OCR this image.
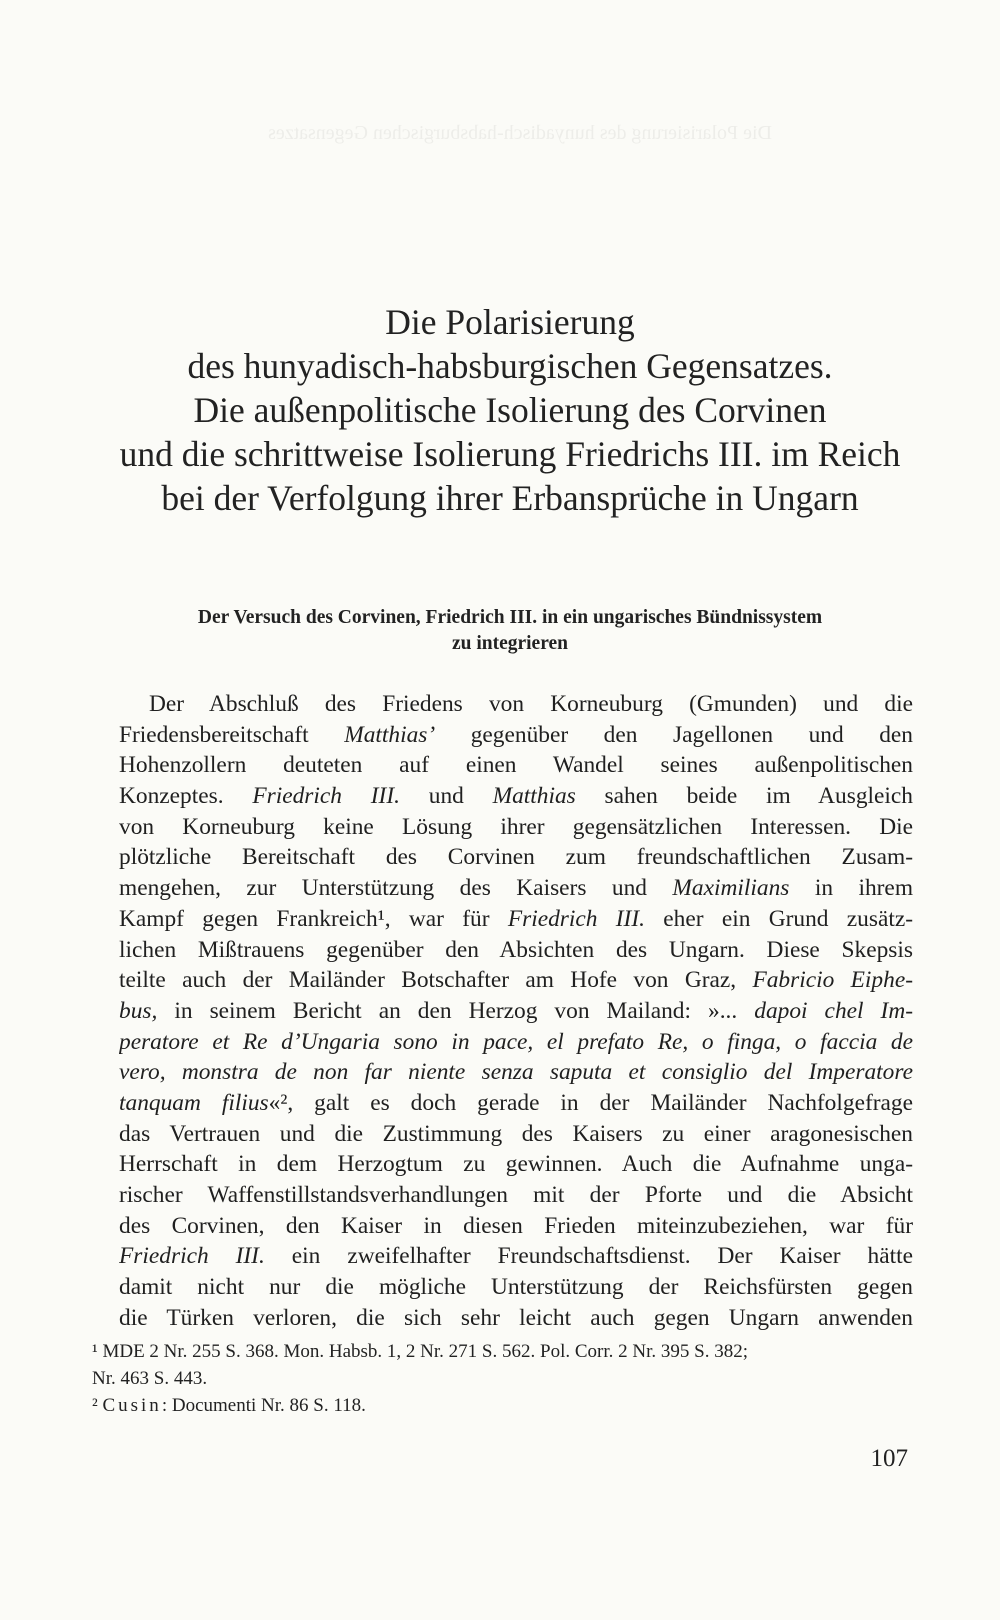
Die Polarisierung des hunyadisch-habsburgischen Gegensatzes
Die Polarisierung
des hunyadisch-habsburgischen Gegensatzes.
Die außenpolitische Isolierung des Corvinen
und die schrittweise Isolierung Friedrichs III. im Reich
bei der Verfolgung ihrer Erbansprüche in Ungarn
Der Versuch des Corvinen, Friedrich III. in ein ungarisches Bündnissystem
zu integrieren
Der Abschluß des Friedens von Korneuburg (Gmunden) und die
Friedensbereitschaft Matthias’ gegenüber den Jagellonen und den
Hohenzollern deuteten auf einen Wandel seines außenpolitischen
Konzeptes. Friedrich III. und Matthias sahen beide im Ausgleich
von Korneuburg keine Lösung ihrer gegensätzlichen Interessen. Die
plötzliche Bereitschaft des Corvinen zum freundschaftlichen Zusam-
mengehen, zur Unterstützung des Kaisers und Maximilians in ihrem
Kampf gegen Frankreich¹, war für Friedrich III. eher ein Grund zusätz-
lichen Mißtrauens gegenüber den Absichten des Ungarn. Diese Skepsis
teilte auch der Mailänder Botschafter am Hofe von Graz, Fabricio Eiphe-
bus, in seinem Bericht an den Herzog von Mailand: »... dapoi chel Im-
peratore et Re d’Ungaria sono in pace, el prefato Re, o finga, o faccia de
vero, monstra de non far niente senza saputa et consiglio del Imperatore
tanquam filius«², galt es doch gerade in der Mailänder Nachfolgefrage
das Vertrauen und die Zustimmung des Kaisers zu einer aragonesischen
Herrschaft in dem Herzogtum zu gewinnen. Auch die Aufnahme unga-
rischer Waffenstillstandsverhandlungen mit der Pforte und die Absicht
des Corvinen, den Kaiser in diesen Frieden miteinzubeziehen, war für
Friedrich III. ein zweifelhafter Freundschaftsdienst. Der Kaiser hätte
damit nicht nur die mögliche Unterstützung der Reichsfürsten gegen
die Türken verloren, die sich sehr leicht auch gegen Ungarn anwenden
¹ MDE 2 Nr. 255 S. 368. Mon. Habsb. 1, 2 Nr. 271 S. 562. Pol. Corr. 2 Nr. 395 S. 382;
Nr. 463 S. 443.
² Cusin: Documenti Nr. 86 S. 118.
107
